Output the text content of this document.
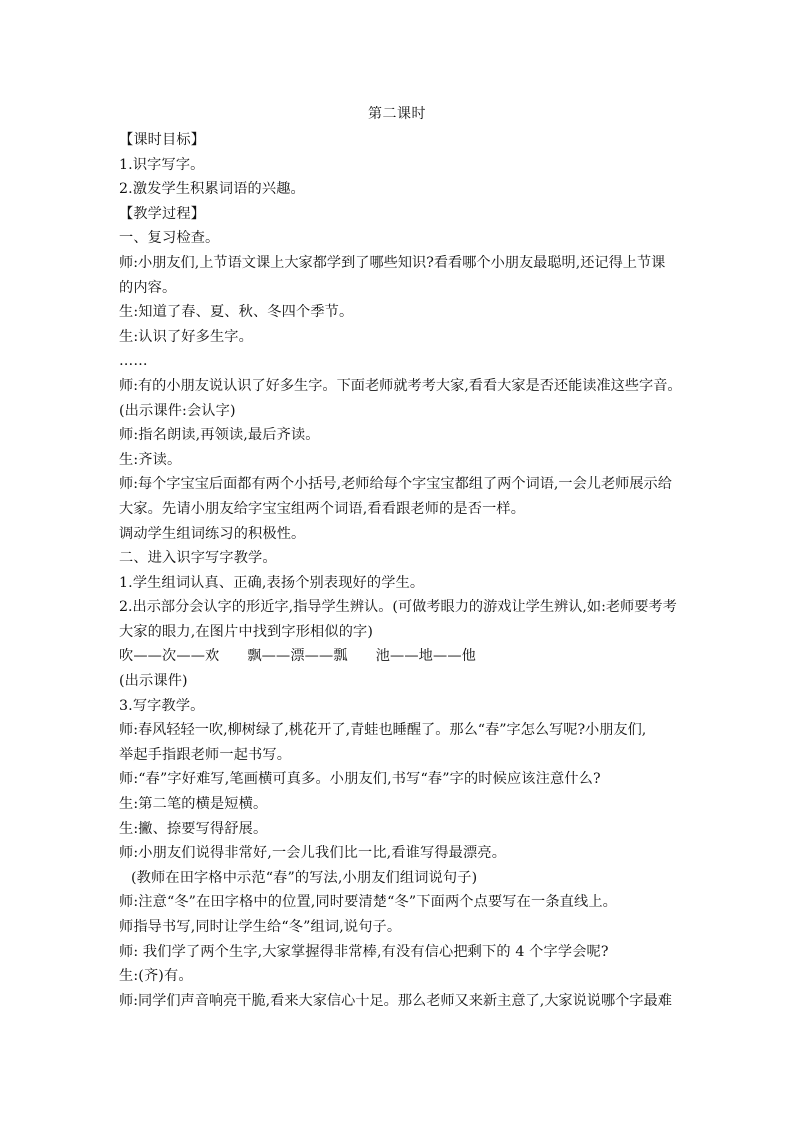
第二课时
【课时目标】
1.识字写字。
2.激发学生积累词语的兴趣。
【教学过程】
一、复习检查。
师:小朋友们,上节语文课上大家都学到了哪些知识?看看哪个小朋友最聪明,还记得上节课
的内容。
生:知道了春、夏、秋、冬四个季节。
生:认识了好多生字。
……
师:有的小朋友说认识了好多生字。下面老师就考考大家,看看大家是否还能读准这些字音。
(出示课件:会认字)
师:指名朗读,再领读,最后齐读。
生:齐读。
师:每个字宝宝后面都有两个小括号,老师给每个字宝宝都组了两个词语,一会儿老师展示给
大家。先请小朋友给字宝宝组两个词语,看看跟老师的是否一样。
调动学生组词练习的积极性。
二、进入识字写字教学。
1.学生组词认真、正确,表扬个别表现好的学生。
2.出示部分会认字的形近字,指导学生辨认。(可做考眼力的游戏让学生辨认,如:老师要考考
大家的眼力,在图片中找到字形相似的字)
吹——次——欢      飘——漂——瓢      池——地——他
(出示课件)
3.写字教学。
师:春风轻轻一吹,柳树绿了,桃花开了,青蛙也睡醒了。那么“春”字怎么写呢?小朋友们,
举起手指跟老师一起书写。
师:“春”字好难写,笔画横可真多。小朋友们,书写“春”字的时候应该注意什么?
生:第二笔的横是短横。
生:撇、捺要写得舒展。
师:小朋友们说得非常好,一会儿我们比一比,看谁写得最漂亮。
(教师在田字格中示范“春”的写法,小朋友们组词说句子)
师:注意“冬”在田字格中的位置,同时要清楚“冬”下面两个点要写在一条直线上。
师指导书写,同时让学生给“冬”组词,说句子。
师: 我们学了两个生字,大家掌握得非常棒,有没有信心把剩下的 4 个字学会呢?
生:(齐)有。
师:同学们声音响亮干脆,看来大家信心十足。那么老师又来新主意了,大家说说哪个字最难
